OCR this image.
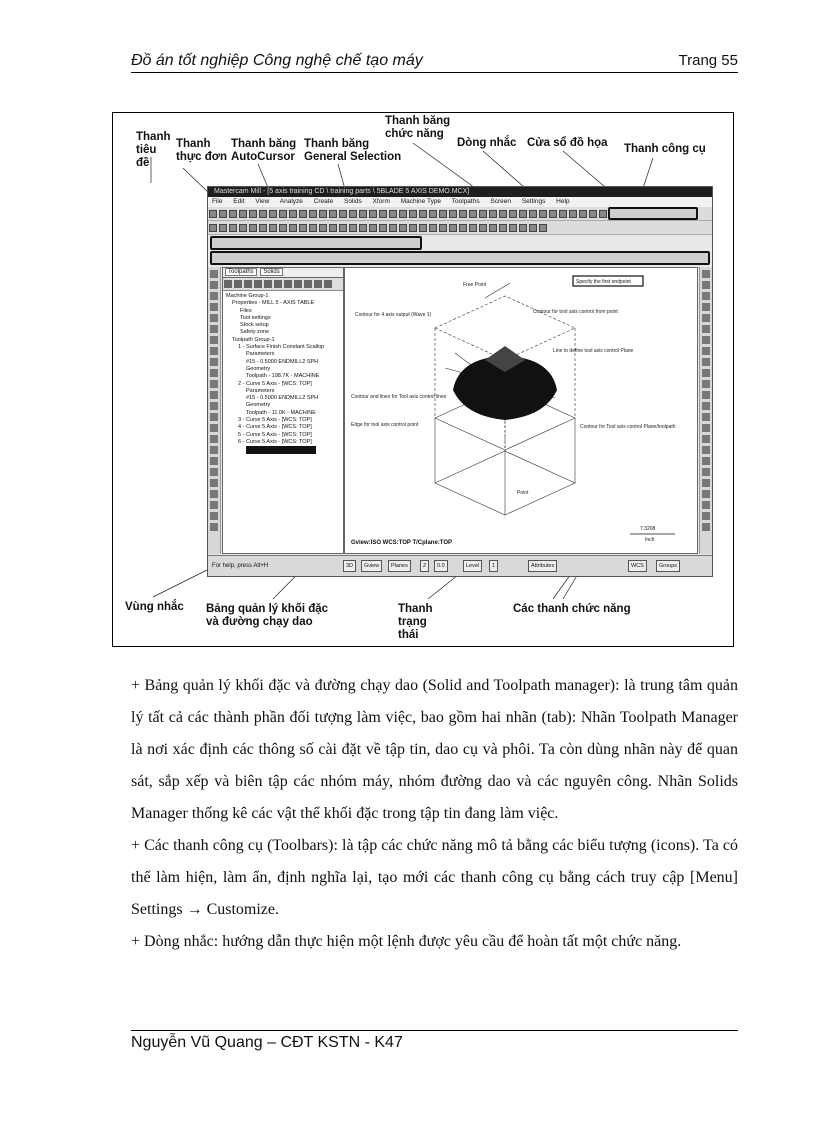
Đồ án tốt nghiệp Công nghệ chế tạo máy	Trang 55
Thanh tiêu đề
Thanh thực đơn
Thanh băng AutoCursor
Thanh băng General Selection
Thanh băng chức năng
Dòng nhắc Cửa sổ đồ họa Thanh công cụ
Vùng nhắc Bảng quản lý khối đặc và đường chạy dao
Thanh trạng thái
Các thanh chức năng
Mastercam Mill - [5 axis training CD \ training parts \ 5BLADE 5 AXIS DEMO.MCX]
File Edit View Analyze Create Solids Xform Machine Type Toolpaths Screen Settings Help
Toolpaths Solids
Machine Group-1
Properties - MILL 5 - AXIS TABLE
Files
Tool settings
Stock setup
Safety zone
Toolpath Group-1
1 - Surface Finish Constant Scallop
Parameters
#15 - 0.5000 ENDMILL2 SPH
Geometry
Toolpath - 198.7K - MACHINE
2 - Curve 5 Axis - [WCS: TOP]
Parameters
#15 - 0.5000 ENDMILL2 SPH
Geometry
Toolpath - 11.0K - MACHINE
3 - Curve 5 Axis - [WCS: TOP]
4 - Curve 5 Axis - [WCS: TOP]
5 - Curve 5 Axis - [WCS: TOP]
6 - Curve 5 Axis - [WCS: TOP]
Free Point
Contour for 4 axis output (Wave 1)	Contour for tool axis control from point
Line to define tool axis control Plane
Contour and lines for Tool axis control lines
Edge for tool axis control point	Contour for Tool axis control Plane/toolpath
Point
Specify the first endpoint
Gview:ISO WCS:TOP T/Cplane:TOP
7.3208
Inch
For help, press Alt+H	3D	Gview	Planes	Z	0.0	Level	1	Attributes	WCS	Groups

+ Bảng quản lý khối đặc và đường chạy dao (Solid and Toolpath manager): là trung tâm quản lý tất cả các thành phần đối tượng làm việc, bao gồm hai nhãn (tab): Nhãn Toolpath Manager là nơi xác định các thông số cài đặt về tập tin, dao cụ và phôi. Ta còn dùng nhãn này để quan sát, sắp xếp và biên tập các nhóm máy, nhóm đường dao và các nguyên công. Nhãn Solids Manager thống kê các vật thể khối đặc trong tập tin đang làm việc.

+ Các thanh công cụ (Toolbars): là tập các chức năng mô tả bằng các biểu tượng (icons). Ta có thể làm hiện, làm ẩn, định nghĩa lại, tạo mới các thanh công cụ bằng cách truy cập [Menu] Settings → Customize.

+ Dòng nhắc: hướng dẫn thực hiện một lệnh được yêu cầu để hoàn tất một chức năng.

Nguyễn Vũ Quang – CĐT KSTN - K47
